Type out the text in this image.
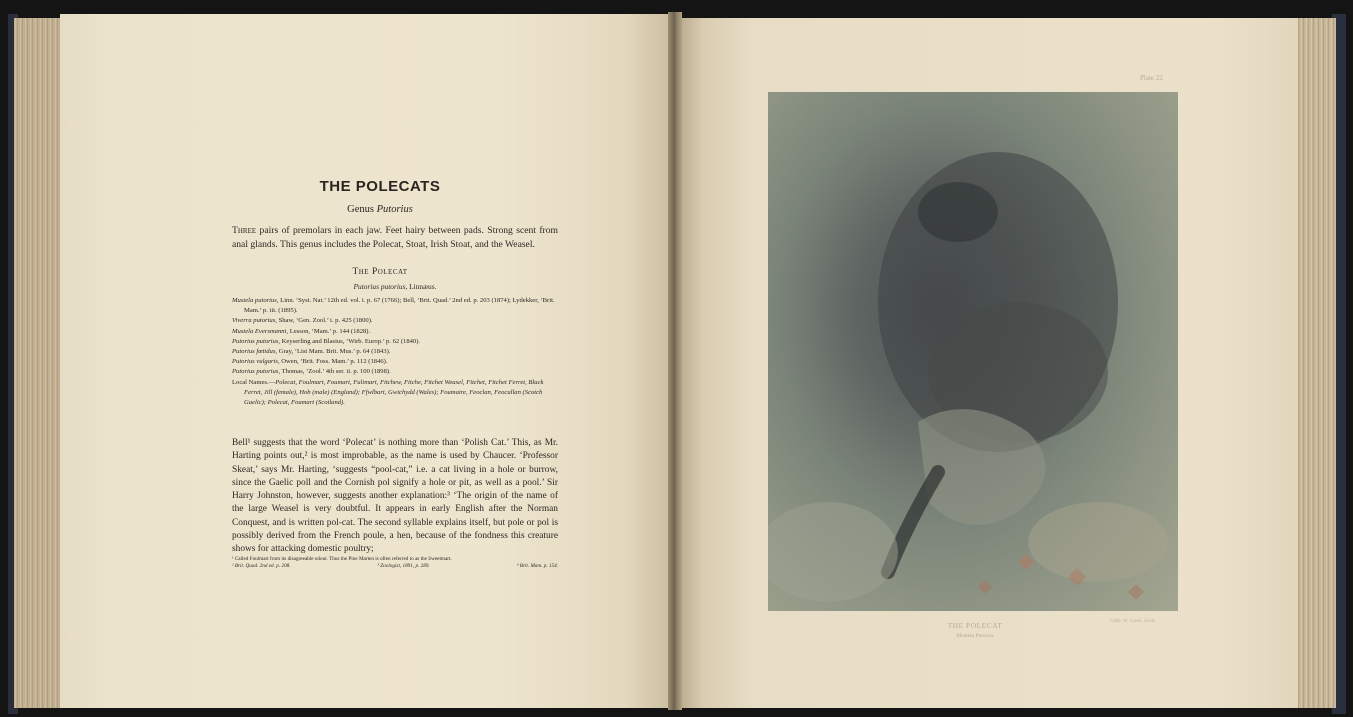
THE POLECATS
Genus Putorius
Three pairs of premolars in each jaw. Feet hairy between pads. Strong scent from anal glands. This genus includes the Polecat, Stoat, Irish Stoat, and the Weasel.
The Polecat
Putorius putorius, Linnæus.
Mustela putorius, Linn. ‘Syst. Nat.’ 12th ed. vol. i. p. 67 (1766); Bell, ‘Brit. Quad.’ 2nd ed. p. 203 (1874); Lydekker, ‘Brit. Mam.’ p. iii. (1895).
Viverra putorius, Shaw, ‘Gen. Zool.’ i. p. 425 (1800).
Mustela Eversmanni, Lesson, ‘Mam.’ p. 144 (1828).
Putorius putorius, Keyserling and Blasius, ‘Wirb. Europ.’ p. 62 (1840).
Putorius fœtidus, Gray, ‘List Mam. Brit. Mus.’ p. 64 (1843).
Putorius vulgaris, Owen, ‘Brit. Foss. Mam.’ p. 112 (1846).
Putorius putorius, Thomas, ‘Zool.’ 4th ser. ii. p. 100 (1898).
Local Names.—Polecat, Foulmart, Foumart, Fulimart, Fitchew, Fitche, Fitchet Weasel, Fitchet, Fitchet Ferret, Black Ferret, Jill (female), Hob (male) (England); Ffwlbart, Gwichydd (Wales); Foumaire, Feoclan, Feocullan (Scotch Gaelic); Polecat, Foumart (Scotland).
Bell¹ suggests that the word ‘Polecat’ is nothing more than ‘Polish Cat.’ This, as Mr. Harting points out,² is most improbable, as the name is used by Chaucer. ‘Professor Skeat,’ says Mr. Harting, ‘suggests “pool-cat,” i.e. a cat living in a hole or burrow, since the Gaelic poll and the Cornish pol signify a hole or pit, as well as a pool.’ Sir Harry Johnston, however, suggests another explanation:³ ‘The origin of the name of the large Weasel is very doubtful. It appears in early English after the Norman Conquest, and is written pol-cat. The second syllable explains itself, but pole or pol is possibly derived from the French poule, a hen, because of the fondness this creature shows for attacking domestic poultry;
¹ Called Foulmart from its disagreeable odour. Thus the Pine Marten is often referred to as the Sweetmart.
² Brit. Quad. 2nd ed. p. 208.	³ Zoologist, 1891, p. 289.	⁴ Brit. Mam. p. 154.
Plate 22
THE POLECAT
Mustela Putorius
Lithe. W. Gresh. Scotl.
